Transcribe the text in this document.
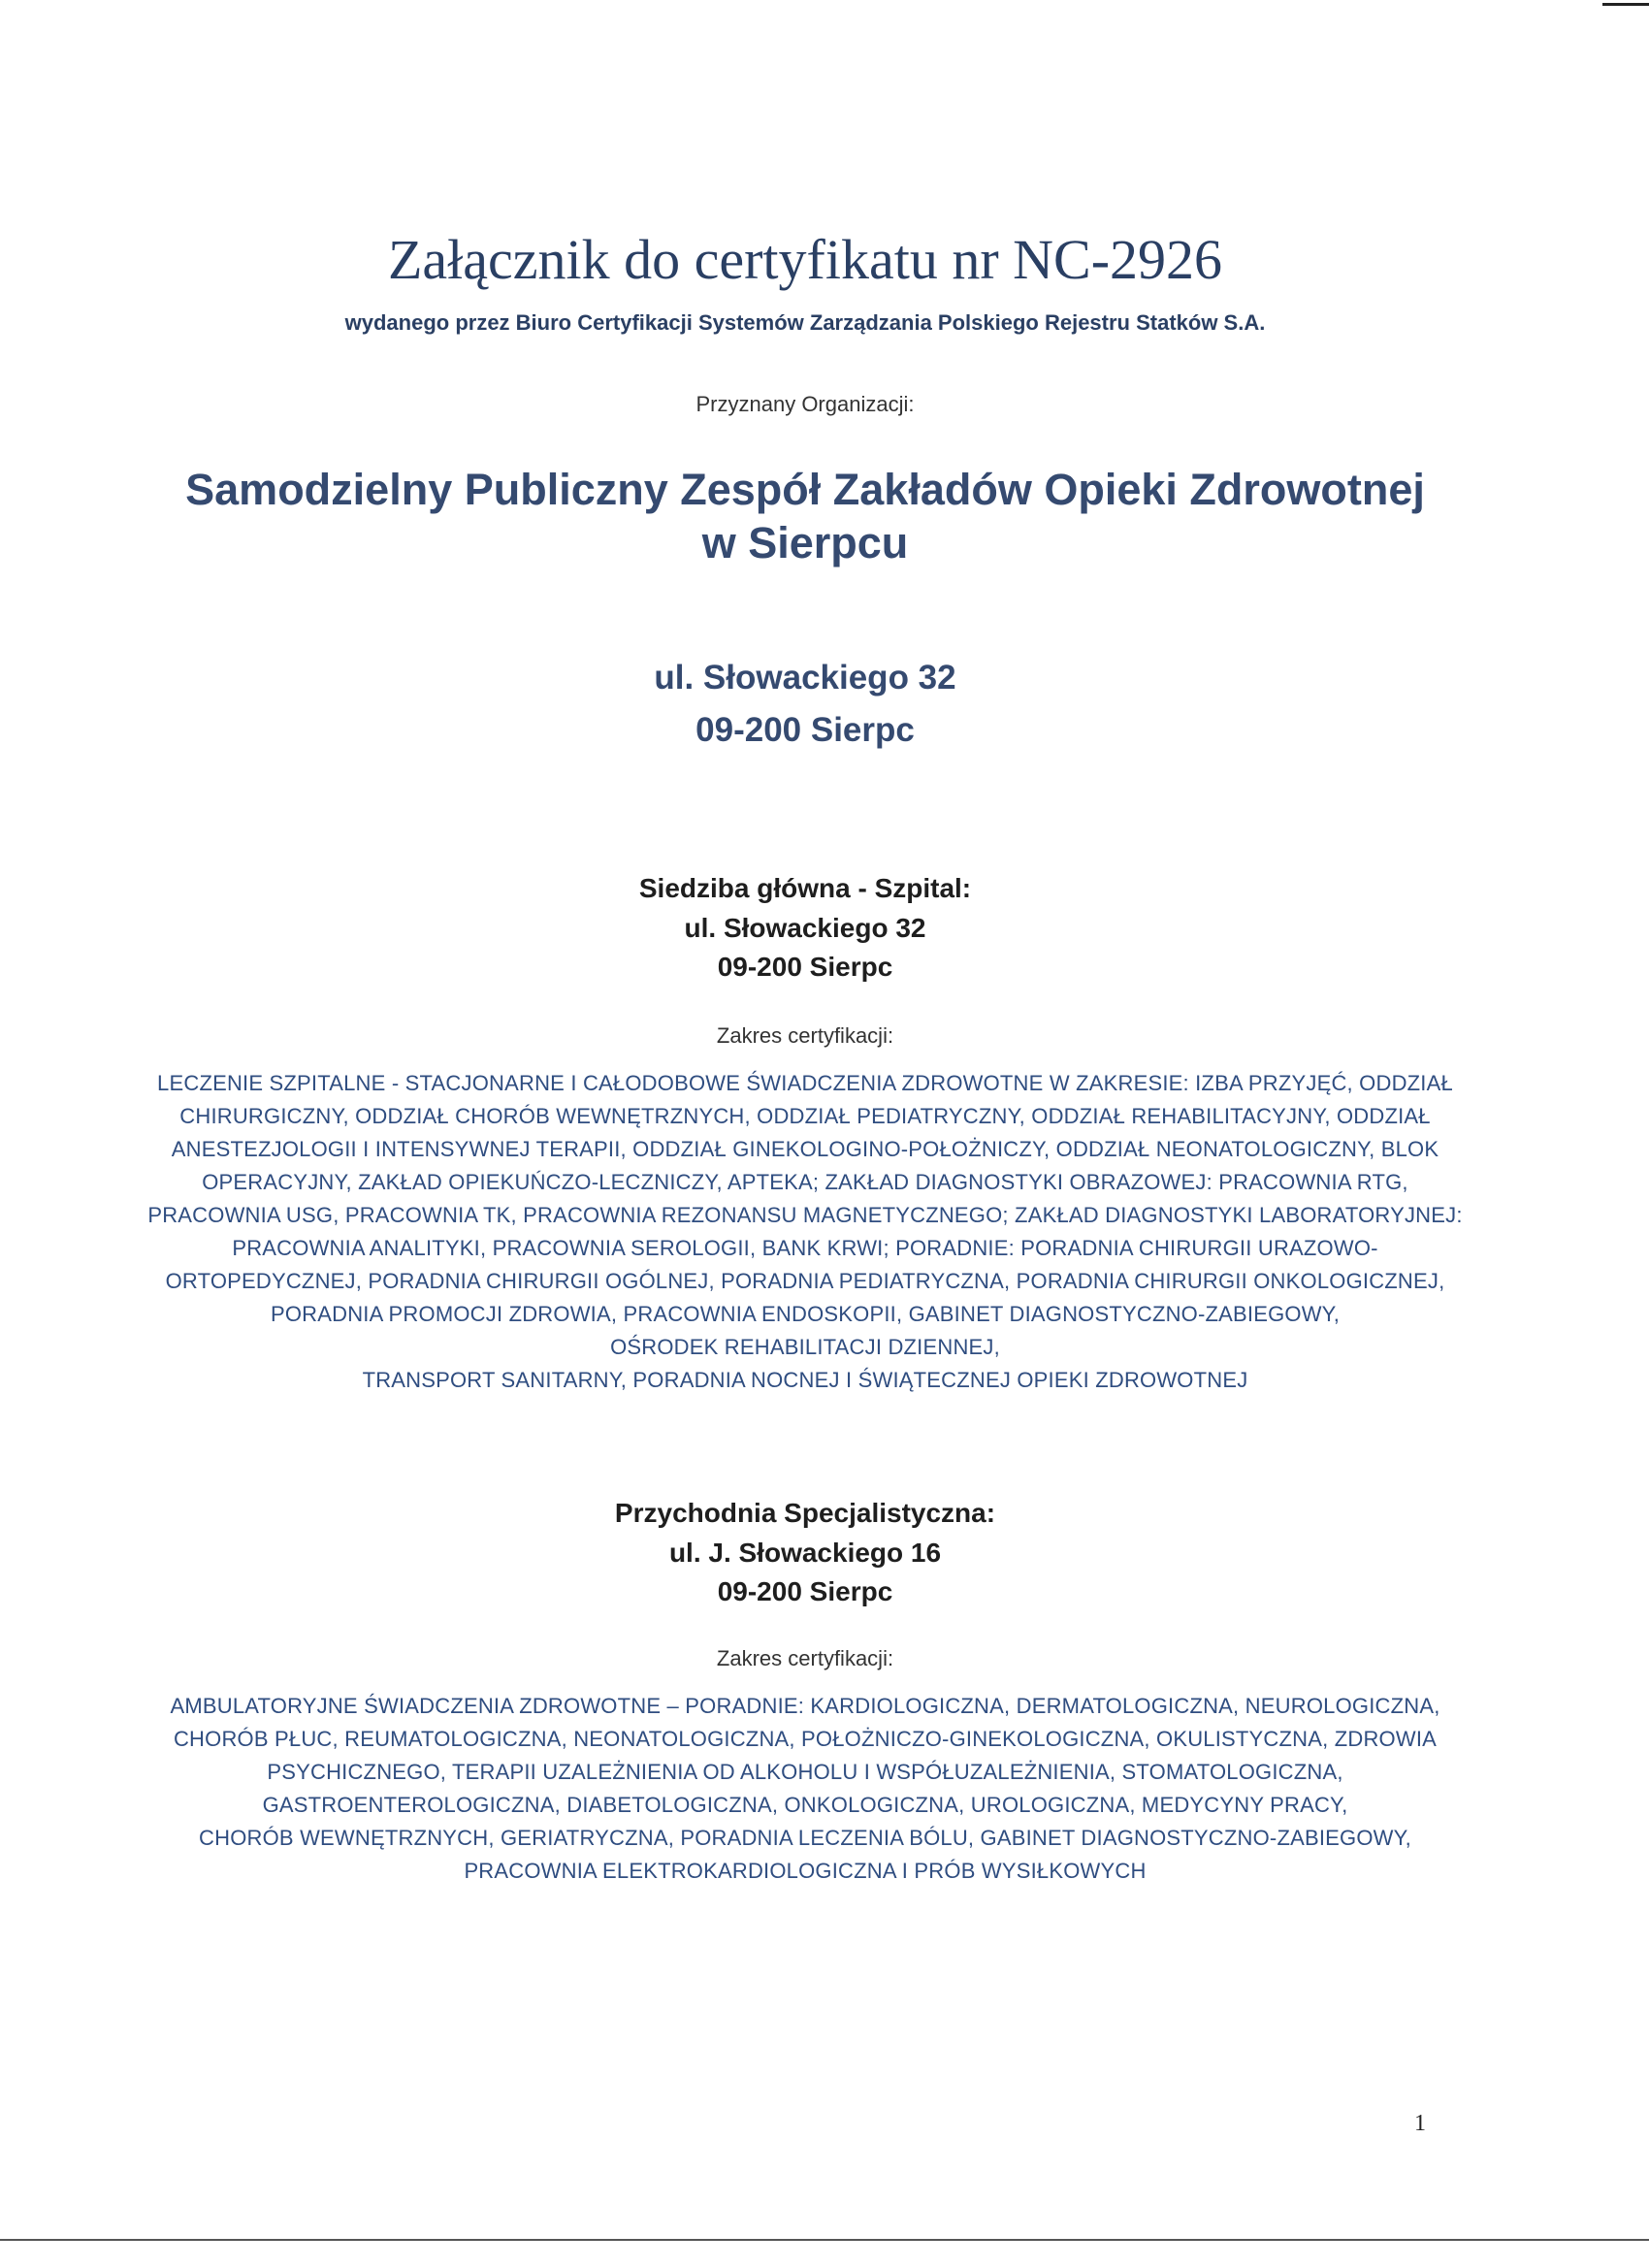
Załącznik do certyfikatu nr NC-2926
wydanego przez Biuro Certyfikacji Systemów Zarządzania Polskiego Rejestru Statków S.A.
Przyznany Organizacji:
Samodzielny Publiczny Zespół Zakładów Opieki Zdrowotnej
w Sierpcu
ul. Słowackiego 32
09-200 Sierpc
Siedziba główna - Szpital:
ul. Słowackiego 32
09-200 Sierpc
Zakres certyfikacji:
LECZENIE SZPITALNE - STACJONARNE I CAŁODOBOWE ŚWIADCZENIA ZDROWOTNE W ZAKRESIE: IZBA PRZYJĘĆ, ODDZIAŁ
CHIRURGICZNY, ODDZIAŁ CHORÓB WEWNĘTRZNYCH, ODDZIAŁ PEDIATRYCZNY, ODDZIAŁ REHABILITACYJNY, ODDZIAŁ
ANESTEZJOLOGII I INTENSYWNEJ TERAPII, ODDZIAŁ GINEKOLOGINO-POŁOŻNICZY, ODDZIAŁ NEONATOLOGICZNY, BLOK
OPERACYJNY, ZAKŁAD OPIEKUŃCZO-LECZNICZY, APTEKA; ZAKŁAD DIAGNOSTYKI OBRAZOWEJ: PRACOWNIA RTG,
PRACOWNIA USG, PRACOWNIA TK, PRACOWNIA REZONANSU MAGNETYCZNEGO; ZAKŁAD DIAGNOSTYKI LABORATORYJNEJ:
PRACOWNIA ANALITYKI, PRACOWNIA SEROLOGII, BANK KRWI; PORADNIE: PORADNIA CHIRURGII URAZOWO-
ORTOPEDYCZNEJ, PORADNIA CHIRURGII OGÓLNEJ, PORADNIA PEDIATRYCZNA, PORADNIA CHIRURGII ONKOLOGICZNEJ,
PORADNIA PROMOCJI ZDROWIA, PRACOWNIA ENDOSKOPII, GABINET DIAGNOSTYCZNO-ZABIEGOWY,
OŚRODEK REHABILITACJI DZIENNEJ,
TRANSPORT SANITARNY, PORADNIA NOCNEJ I ŚWIĄTECZNEJ OPIEKI ZDROWOTNEJ
Przychodnia Specjalistyczna:
ul. J. Słowackiego 16
09-200 Sierpc
Zakres certyfikacji:
AMBULATORYJNE ŚWIADCZENIA ZDROWOTNE – PORADNIE: KARDIOLOGICZNA, DERMATOLOGICZNA, NEUROLOGICZNA,
CHORÓB PŁUC, REUMATOLOGICZNA, NEONATOLOGICZNA, POŁOŻNICZO-GINEKOLOGICZNA, OKULISTYCZNA, ZDROWIA
PSYCHICZNEGO, TERAPII UZALEŻNIENIA OD ALKOHOLU I WSPÓŁUZALEŻNIENIA, STOMATOLOGICZNA,
GASTROENTEROLOGICZNA, DIABETOLOGICZNA, ONKOLOGICZNA, UROLOGICZNA, MEDYCYNY PRACY,
CHORÓB WEWNĘTRZNYCH, GERIATRYCZNA, PORADNIA LECZENIA BÓLU, GABINET DIAGNOSTYCZNO-ZABIEGOWY,
PRACOWNIA ELEKTROKARDIOLOGICZNA I PRÓB WYSIŁKOWYCH
1
